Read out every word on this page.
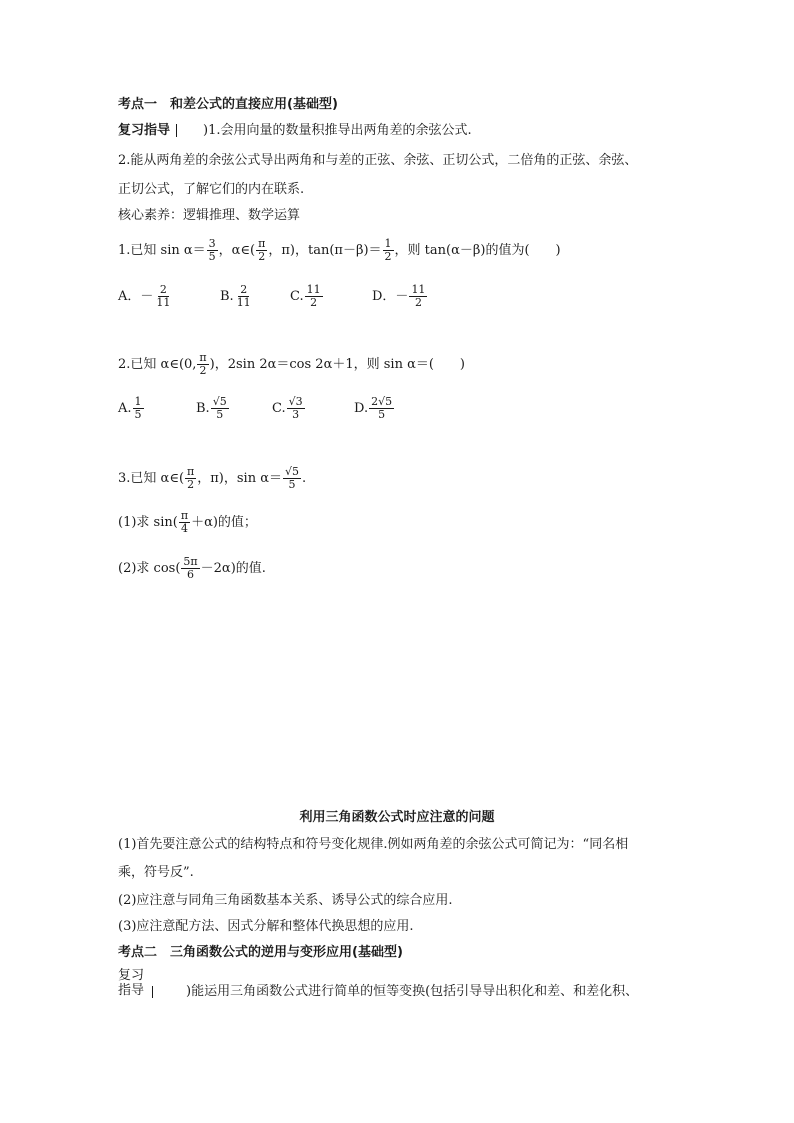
考点一　和差公式的直接应用(基础型)
复习指导	)1.会用向量的数量积推导出两角差的余弦公式.
2.能从两角差的余弦公式导出两角和与差的正弦、余弦、正切公式，二倍角的正弦、余弦、
正切公式，了解它们的内在联系.
核心素养：逻辑推理、数学运算
1.已知 $\sin \alpha= \frac{3}{5}$ ，α∈( $\frac{\pi}{2}$ ，π)，$\tan(\pi-\beta)= \frac{1}{2}$ ，则 tan(α－β)的值为(　　)
A．－ $\frac{2}{11}$	B. $\frac{2}{11}$	C. $\frac{11}{2}$	D．－ $\frac{11}{2}$
2.已知 α∈(0, $\frac{\pi}{2}$ )，2sin 2α＝cos 2α＋1，则 sin α＝(　　)
A. $\frac{1}{5}$	B. $\frac{√5}{5}$	C. $\frac{√3}{3}$	D. $\frac{2√5}{5}$
3.已知 α∈( $\frac{\pi}{2}$ ，π)，$\sin \alpha= \frac{√5}{5}$ .
(1)求 $\sin( \frac{\pi}{4} +\alpha)$的值；
(2)求 $\cos( \frac{5\pi}{6} -2\alpha)$的值.
利用三角函数公式时应注意的问题
(1)首先要注意公式的结构特点和符号变化规律.例如两角差的余弦公式可简记为：“同名相
乘，符号反”.
(2)应注意与同角三角函数基本关系、诱导公式的综合应用.
(3)应注意配方法、因式分解和整体代换思想的应用.
考点二　三角函数公式的逆用与变形应用(基础型)
复习
指导	)能运用三角函数公式进行简单的恒等变换(包括引导导出积化和差、和差化积、
